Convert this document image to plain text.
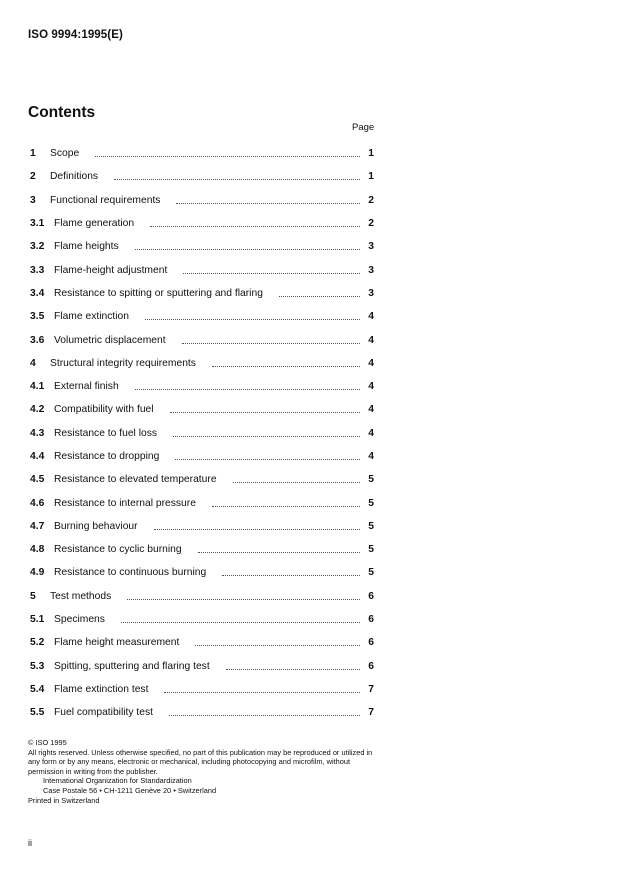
ISO 9994:1995(E)
Contents
Page
1	Scope	1
2	Definitions	1
3	Functional requirements	2
3.1 Flame generation	2
3.2 Flame heights	3
3.3 Flame-height adjustment	3
3.4 Resistance to spitting or sputtering and flaring	3
3.5 Flame extinction	4
3.6 Volumetric displacement	4
4	Structural integrity requirements	4
4.1 External finish	4
4.2 Compatibility with fuel	4
4.3 Resistance to fuel loss	4
4.4 Resistance to dropping	4
4.5 Resistance to elevated temperature	5
4.6 Resistance to internal pressure	5
4.7 Burning behaviour	5
4.8 Resistance to cyclic burning	5
4.9 Resistance to continuous burning	5
5	Test methods	6
5.1 Specimens	6
5.2 Flame height measurement	6
5.3 Spitting, sputtering and flaring test	6
5.4 Flame extinction test	7
5.5 Fuel compatibility test	7

© ISO 1995

All rights reserved. Unless otherwise specified, no part of this publication may be reproduced or utilized in any form or by any means, electronic or mechanical, including photocopying and microfilm, without permission in writing from the publisher.

International Organization for Standardization

Case Postale 56 • CH-1211 Genève 20 • Switzerland

Printed in Switzerland

ii
